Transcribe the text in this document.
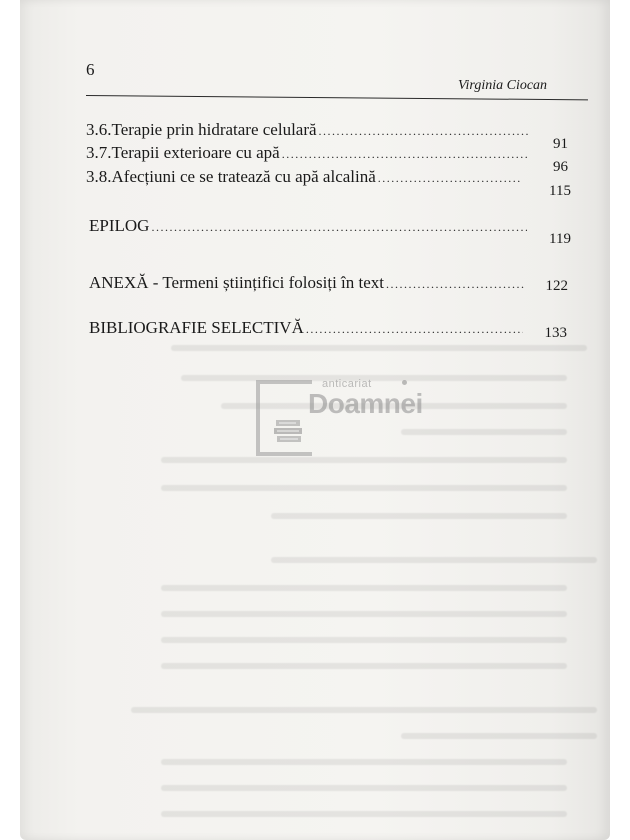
6
Virginia Ciocan
3.6. Terapie prin hidratare celulară
.....
91
3.7. Terapii exterioare cu apă
.....
96
3.8. Afecțiuni ce se tratează cu apă alcalină
.....
115
EPILOG
.....
119
ANEXĂ - Termeni științifici folosiți în text .....	122
BIBLIOGRAFIE SELECTIVĂ .....	133
anticariat
Doamnei
